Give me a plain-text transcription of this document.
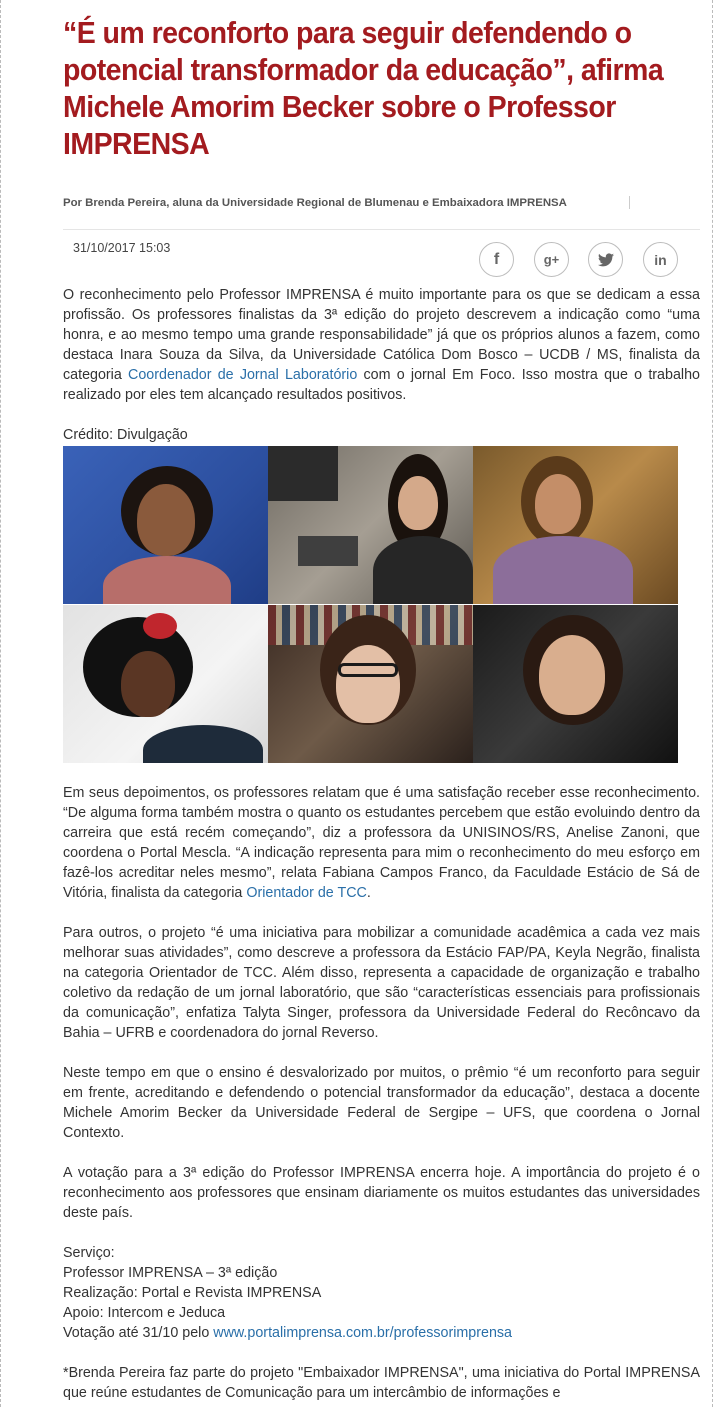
“É um reconforto para seguir defendendo o potencial transformador da educação”, afirma Michele Amorim Becker sobre o Professor IMPRENSA
Por Brenda Pereira, aluna da Universidade Regional de Blumenau e Embaixadora IMPRENSA
31/10/2017 15:03
f	g+	in

O reconhecimento pelo Professor IMPRENSA é muito importante para os que se dedicam a essa profissão. Os professores finalistas da 3ª edição do projeto descrevem a indicação como “uma honra, e ao mesmo tempo uma grande responsabilidade” já que os próprios alunos a fazem, como destaca Inara Souza da Silva, da Universidade Católica Dom Bosco – UCDB / MS, finalista da categoria Coordenador de Jornal Laboratório com o jornal Em Foco. Isso mostra que o trabalho realizado por eles tem alcançado resultados positivos.

Crédito: Divulgação

Em seus depoimentos, os professores relatam que é uma satisfação receber esse reconhecimento. “De alguma forma também mostra o quanto os estudantes percebem que estão evoluindo dentro da carreira que está recém começando”, diz a professora da UNISINOS/RS, Anelise Zanoni, que coordena o Portal Mescla. “A indicação representa para mim o reconhecimento do meu esforço em fazê-los acreditar neles mesmo”, relata Fabiana Campos Franco, da Faculdade Estácio de Sá de Vitória, finalista da categoria Orientador de TCC.

Para outros, o projeto “é uma iniciativa para mobilizar a comunidade acadêmica a cada vez mais melhorar suas atividades”, como descreve a professora da Estácio FAP/PA, Keyla Negrão, finalista na categoria Orientador de TCC. Além disso, representa a capacidade de organização e trabalho coletivo da redação de um jornal laboratório, que são “características essenciais para profissionais da comunicação”, enfatiza Talyta Singer, professora da Universidade Federal do Recôncavo da Bahia – UFRB e coordenadora do jornal Reverso.

Neste tempo em que o ensino é desvalorizado por muitos, o prêmio “é um reconforto para seguir em frente, acreditando e defendendo o potencial transformador da educação”, destaca a docente Michele Amorim Becker da Universidade Federal de Sergipe – UFS, que coordena o Jornal Contexto.

A votação para a 3ª edição do Professor IMPRENSA encerra hoje. A importância do projeto é o reconhecimento aos professores que ensinam diariamente os muitos estudantes das universidades deste país.

Serviço:
Professor IMPRENSA – 3ª edição
Realização: Portal e Revista IMPRENSA
Apoio: Intercom e Jeduca
Votação até 31/10 pelo www.portalimprensa.com.br/professorimprensa

*Brenda Pereira faz parte do projeto "Embaixador IMPRENSA", uma iniciativa do Portal IMPRENSA que reúne estudantes de Comunicação para um intercâmbio de informações e
